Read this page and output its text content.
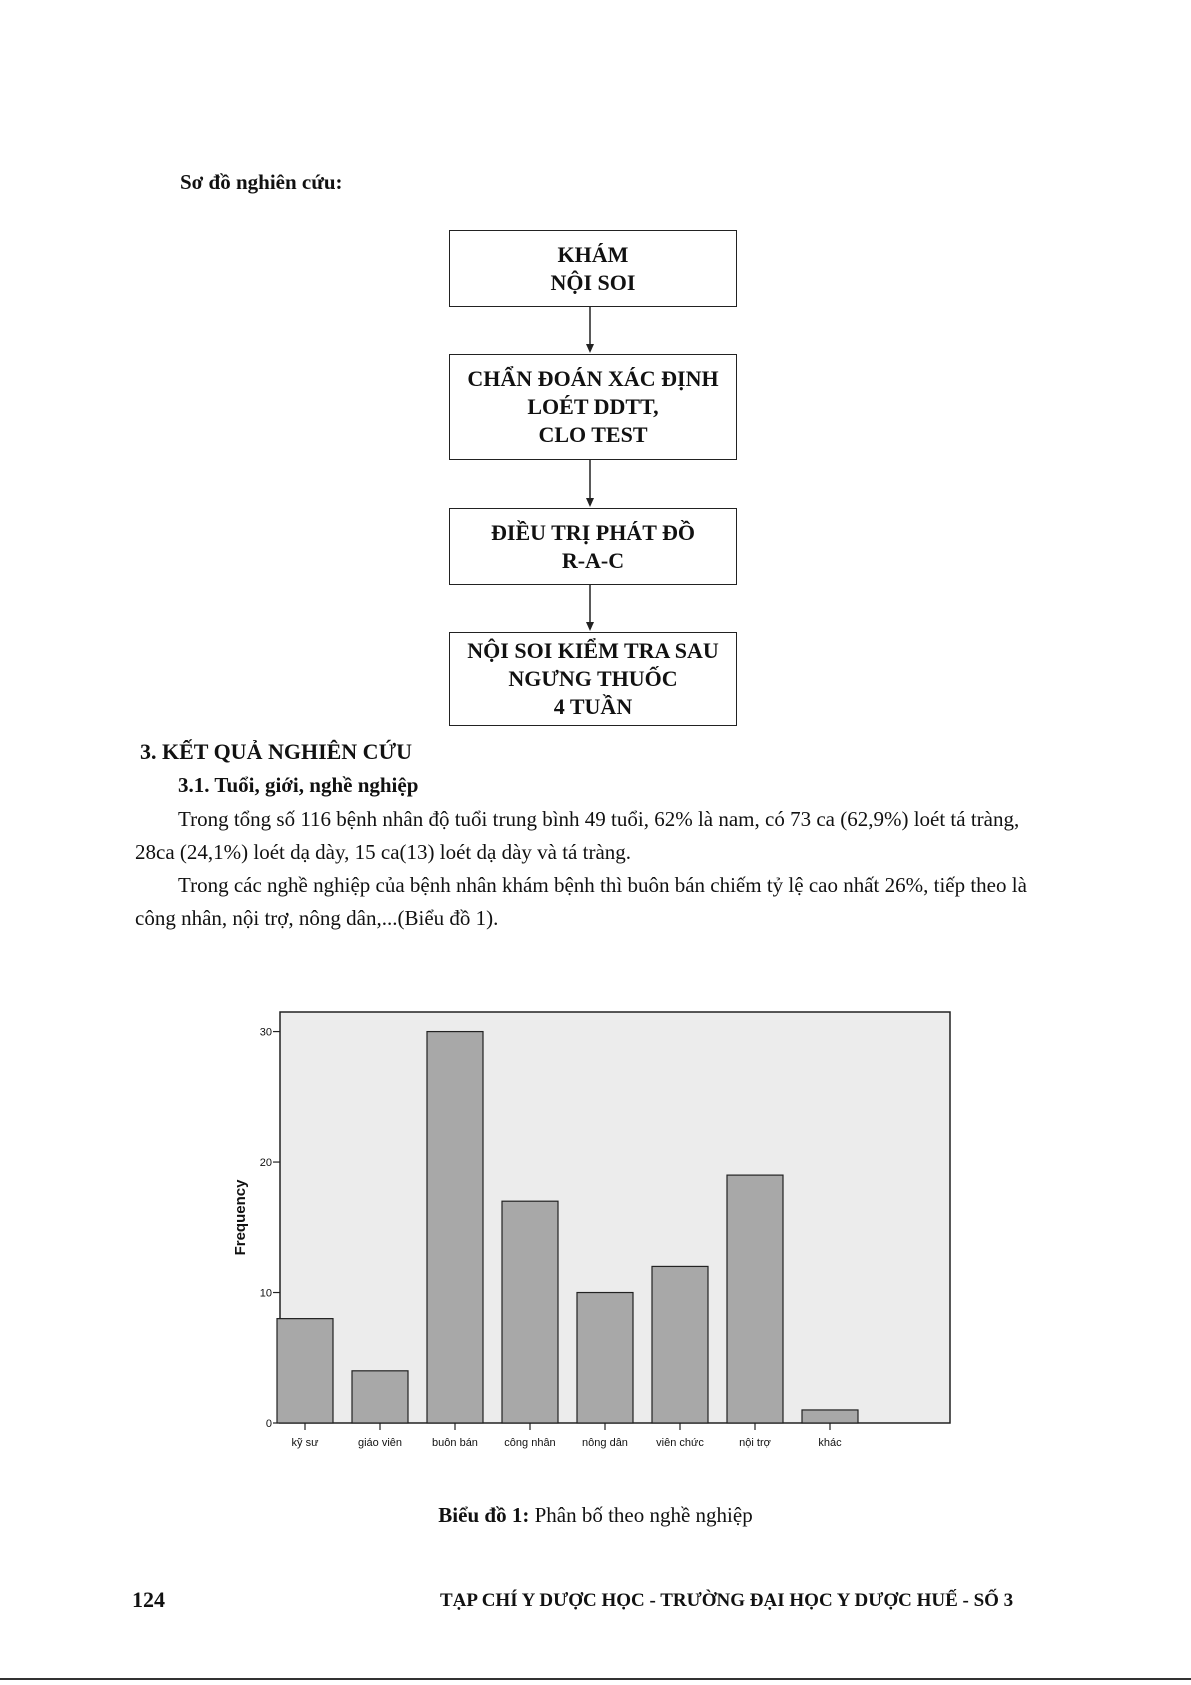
Sơ đồ nghiên cứu:
KHÁM
NỘI SOI
CHẨN ĐOÁN XÁC ĐỊNH
LOÉT DDTT,
CLO TEST
ĐIỀU TRỊ PHÁT ĐỒ
R-A-C
NỘI SOI KIỂM TRA SAU
NGƯNG THUỐC
4 TUẦN
3. KẾT QUẢ NGHIÊN CỨU
3.1. Tuổi, giới, nghề nghiệp
Trong tổng số 116 bệnh nhân độ tuổi trung bình 49 tuổi, 62% là nam, có 73 ca (62,9%) loét tá tràng, 28ca (24,1%) loét dạ dày, 15 ca(13) loét dạ dày và tá tràng.
Trong các nghề nghiệp của bệnh nhân khám bệnh thì buôn bán chiếm tỷ lệ cao nhất 26%, tiếp theo là công nhân, nội trợ, nông dân,...(Biểu đồ 1).
0
10
20
30
kỹ sư	giáo viên	buôn bán công nhân nông dân	viên chức	nội trợ	khác
Frequency
Biểu đồ 1: Phân bố theo nghề nghiệp
124	TẠP CHÍ Y DƯỢC HỌC - TRƯỜNG ĐẠI HỌC Y DƯỢC HUẾ - SỐ 3
